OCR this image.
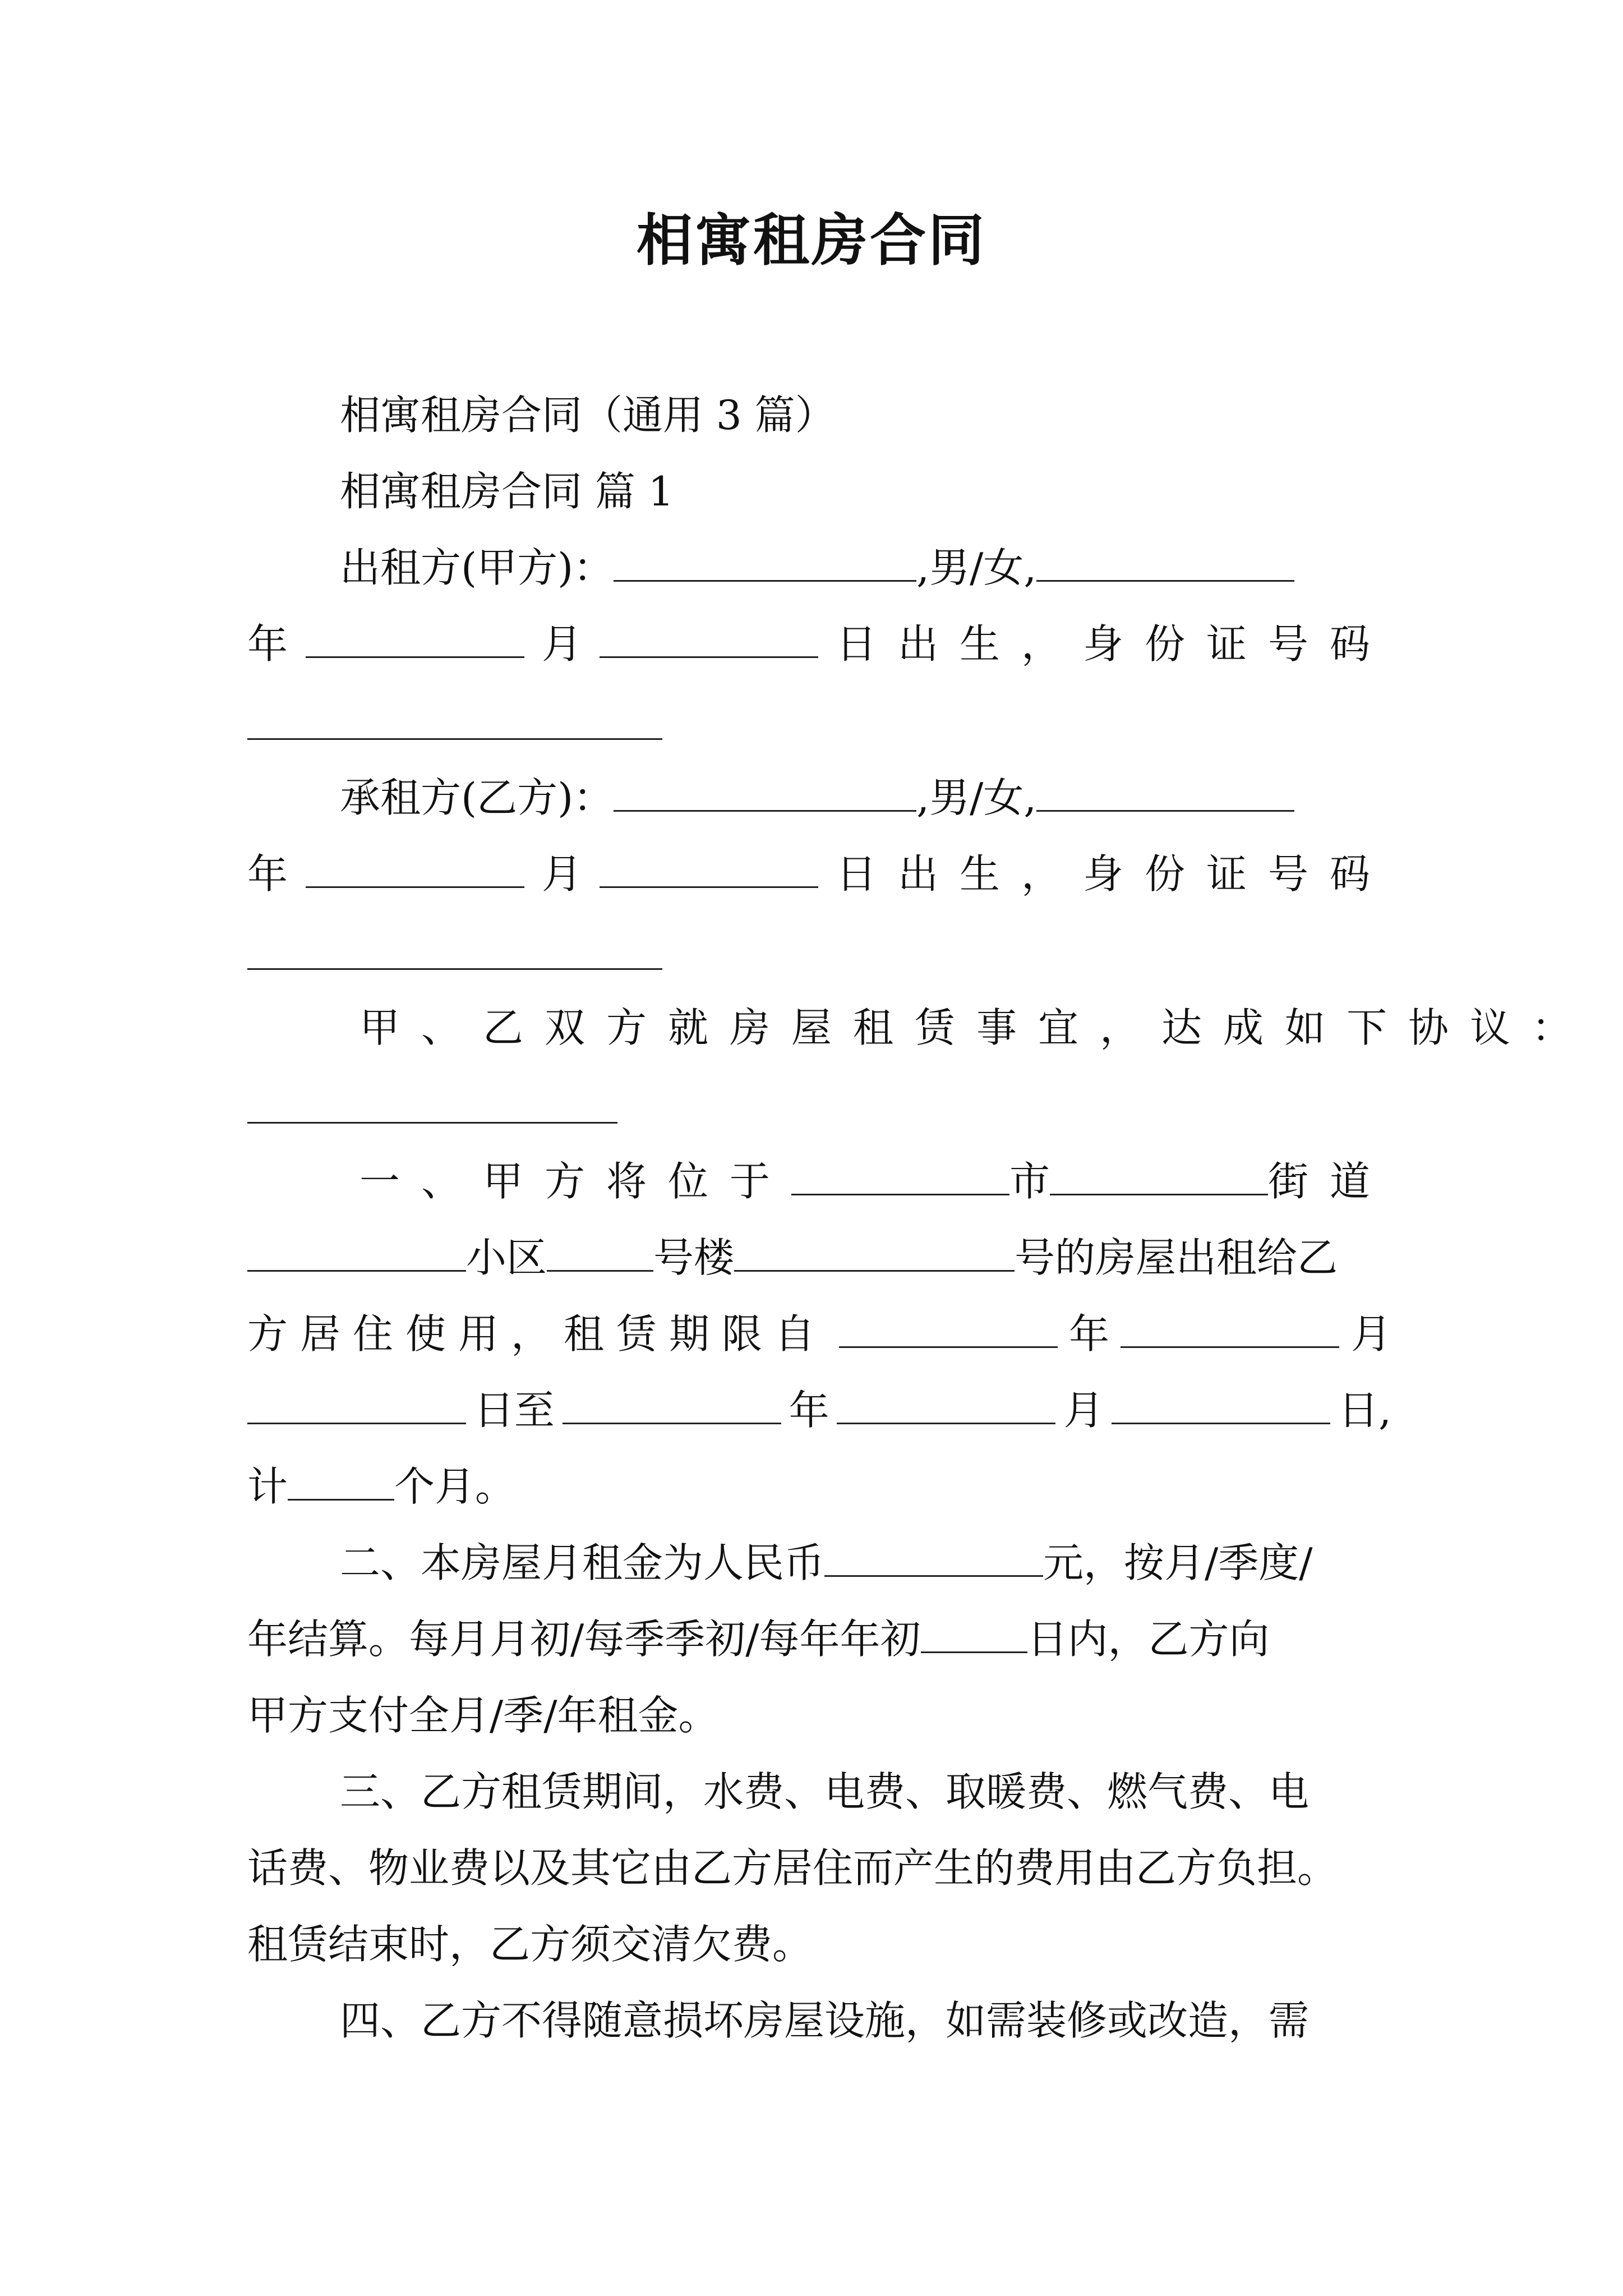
相寓租房合同
相寓租房合同（通用 3 篇）
相寓租房合同 篇 1
出租方(甲方)：	,男/女,
年	月	日出生，身份证号码
承租方(乙方)：	,男/女,
年	月	日出生，身份证号码
甲、乙双方就房屋租赁事宜，达成如下协议：
一、甲方将位于	市	街道
小区	号楼	号的房屋出租给乙
方居住使用，租赁期限自	年	月
日至	年	月	日,
计	个月。
二、本房屋月租金为人民币	元，按月/季度/
年结算。每月月初/每季季初/每年年初	日内，乙方向
甲方支付全月/季/年租金。
三、乙方租赁期间，水费、电费、取暖费、燃气费、电
话费、物业费以及其它由乙方居住而产生的费用由乙方负担。
租赁结束时，乙方须交清欠费。
四、乙方不得随意损坏房屋设施，如需装修或改造，需
